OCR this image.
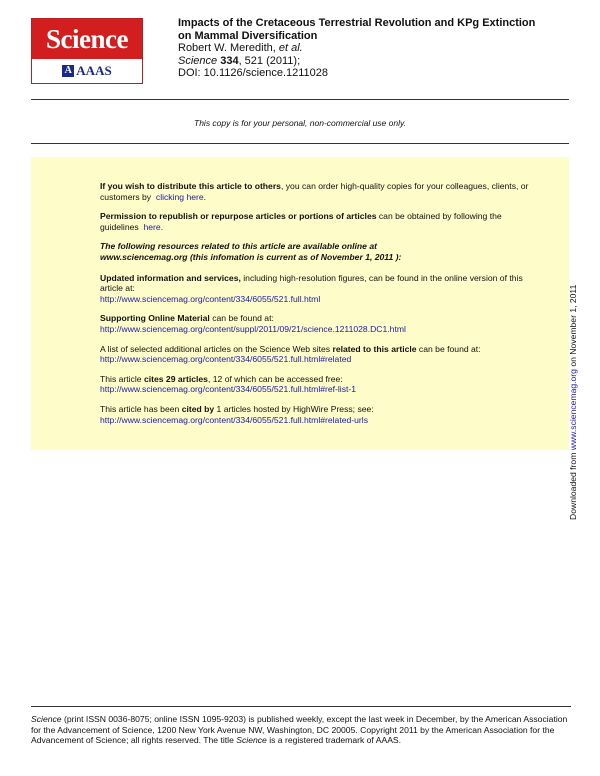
Science
A AAAS
Impacts of the Cretaceous Terrestrial Revolution and KPg Extinction
on Mammal Diversification
Robert W. Meredith, et al.
Science 334, 521 (2011);
DOI: 10.1126/science.1211028
This copy is for your personal, non-commercial use only.

If you wish to distribute this article to others, you can order high-quality copies for your colleagues, clients, or customers by clicking here.

Permission to republish or repurpose articles or portions of articles can be obtained by following the guidelines here.

The following resources related to this article are available online at
www.sciencemag.org (this infomation is current as of November 1, 2011 ):

Updated information and services, including high-resolution figures, can be found in the online version of this article at:
http://www.sciencemag.org/content/334/6055/521.full.html

Supporting Online Material can be found at:
http://www.sciencemag.org/content/suppl/2011/09/21/science.1211028.DC1.html

A list of selected additional articles on the Science Web sites related to this article can be found at:
http://www.sciencemag.org/content/334/6055/521.full.html#related

This article cites 29 articles, 12 of which can be accessed free:
http://www.sciencemag.org/content/334/6055/521.full.html#ref-list-1

This article has been cited by 1 articles hosted by HighWire Press; see:
http://www.sciencemag.org/content/334/6055/521.full.html#related-urls

Downloaded from www.sciencemag.org on November 1, 2011
Science (print ISSN 0036-8075; online ISSN 1095-9203) is published weekly, except the last week in December, by the American Association for the Advancement of Science, 1200 New York Avenue NW, Washington, DC 20005. Copyright 2011 by the American Association for the Advancement of Science; all rights reserved. The title Science is a registered trademark of AAAS.
